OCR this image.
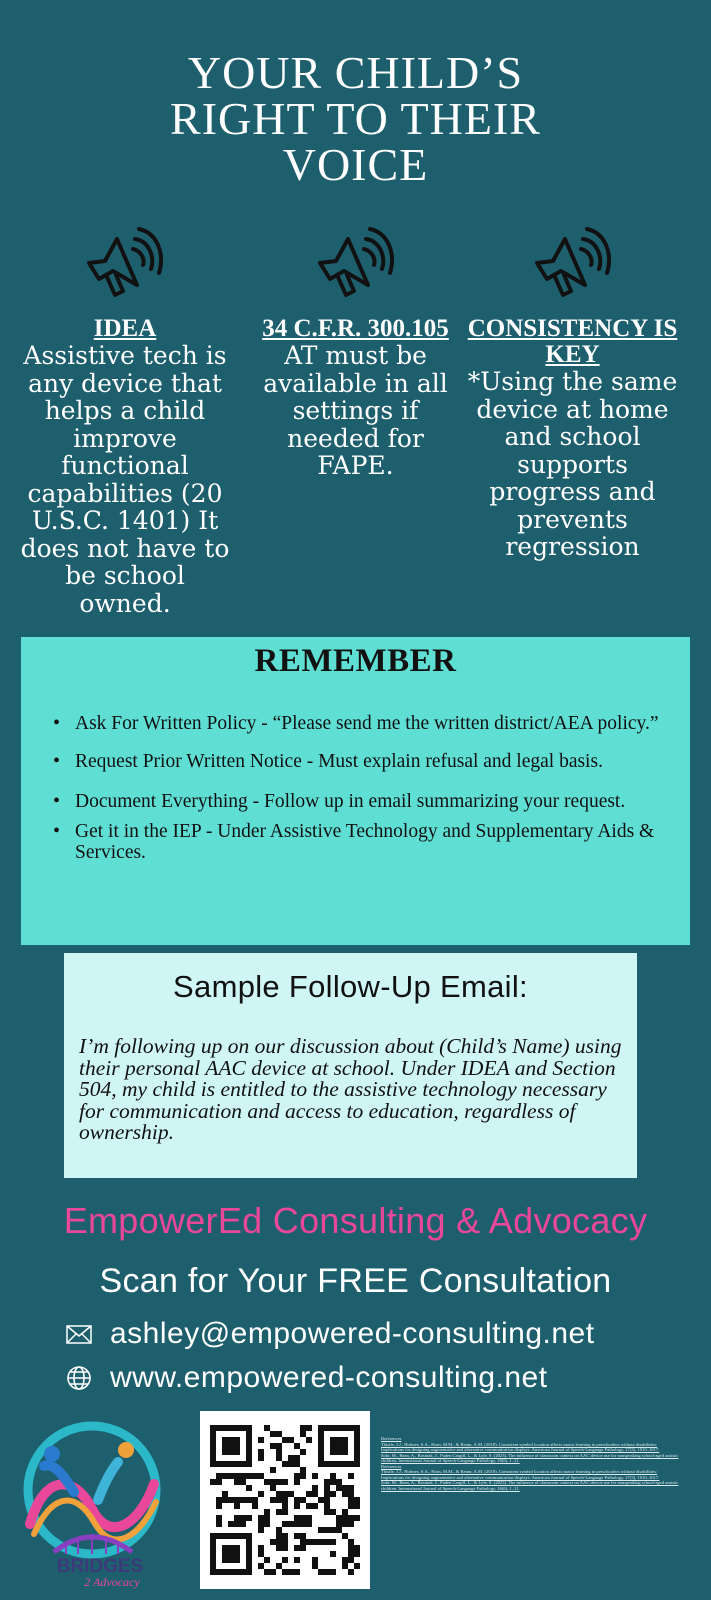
YOUR CHILD’S
RIGHT TO THEIR
VOICE
IDEA
Assistive tech is any device that helps a child improve functional capabilities (20 U.S.C. 1401) It does not have to be school owned.
34 C.F.R. 300.105
AT must be available in all settings if needed for FAPE.
CONSISTENCY IS KEY
*Using the same device at home and school supports progress and prevents regression
REMEMBER
• Ask For Written Policy - “Please send me the written district/AEA policy.”
• Request Prior Written Notice - Must explain refusal and legal basis.
• Document Everything - Follow up in email summarizing your request.
• Get it in the IEP - Under Assistive Technology and Supplementary Aids & Services.
Sample Follow-Up Email:

I’m following up on our discussion about (Child’s Name) using their personal AAC device at school. Under IDEA and Section 504, my child is entitled to the assistive technology necessary for communication and access to education, regardless of ownership.

EmpowerEd Consulting & Advocacy
Scan for Your FREE Consultation
ashley@empowered-consulting.net
www.empowered-consulting.net
BRIDGES
2 Advocacy
References
Thistle, J.J., Holmes, S.A., Horn, M.M., & Reum, A.M. (2018). Consistent symbol location affects motor learning in preschoolers without disabilities: Implications for designing augmentative and alternative communication displays. American Journal of Speech-Language Pathology, 27(3), 1010–1017.
Sohr, M., Bean, A., Rosniak, J., Paden Cargill, L., & Lyle, S. (2023). The influence of classroom context on AAC device use for nonspeaking school-aged autistic children. International Journal of Speech-Language Pathology, 26(6), 1–11.
References
Thistle, J.J., Holmes, S.A., Horn, M.M., & Reum, A.M. (2018). Consistent symbol location affects motor learning in preschoolers without disabilities: Implications for designing augmentative and alternative communication displays. American Journal of Speech-Language Pathology, 27(3), 1010–1017.
Sohr, M., Bean, A., Rosniak, J., Paden Cargill, L., & Lyle, S. (2023). The influence of classroom context on AAC device use for nonspeaking school-aged autistic children. International Journal of Speech-Language Pathology, 26(6), 1–11.
